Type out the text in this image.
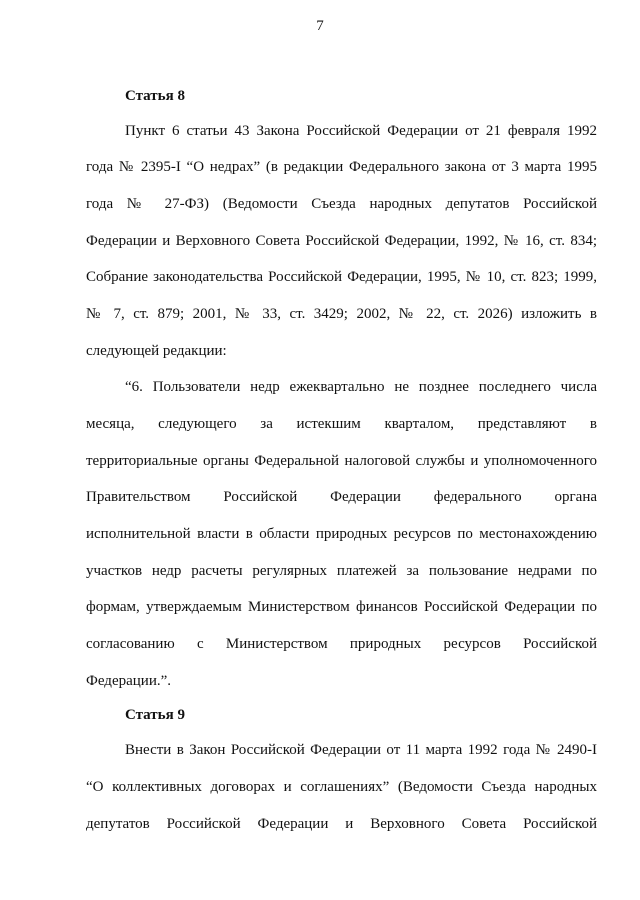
7
Статья 8
Пункт 6 статьи 43 Закона Российской Федерации от 21 февраля 1992
года № 2395-I “О недрах” (в редакции Федерального закона от 3 марта 1995
года № 27-ФЗ) (Ведомости Съезда народных депутатов Российской
Федерации и Верховного Совета Российской Федерации, 1992, № 16, ст. 834;
Собрание законодательства Российской Федерации, 1995, № 10, ст. 823; 1999,
№ 7, ст. 879; 2001, № 33, ст. 3429; 2002, № 22, ст. 2026) изложить в
следующей редакции:
“6. Пользователи недр ежеквартально не позднее последнего числа
месяца, следующего за истекшим кварталом, представляют в
территориальные органы Федеральной налоговой службы и уполномоченного
Правительством Российской Федерации федерального органа
исполнительной власти в области природных ресурсов по местонахождению
участков недр расчеты регулярных платежей за пользование недрами по
формам, утверждаемым Министерством финансов Российской Федерации по
согласованию с Министерством природных ресурсов Российской
Федерации.”.
Статья 9
Внести в Закон Российской Федерации от 11 марта 1992 года № 2490-I
“О коллективных договорах и соглашениях” (Ведомости Съезда народных
депутатов Российской Федерации и Верховного Совета Российской
